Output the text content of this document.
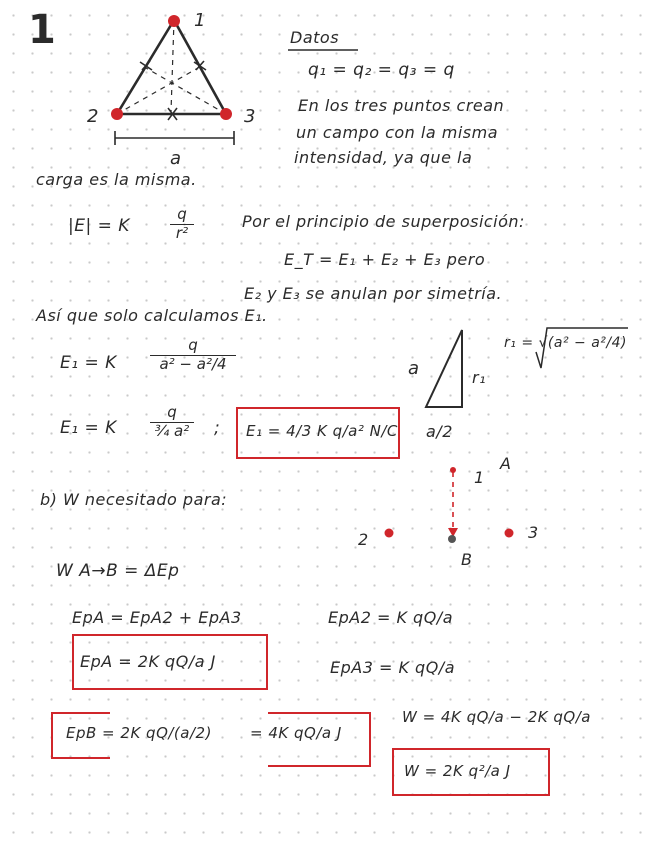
1	1
2	3
a
Datos
q₁ = q₂ = q₃ = q
En los tres puntos crean
un campo con la misma
intensidad, ya que la
carga es la misma.
|E| = K
q
r²
Por el principio de superposición:
E_T = E₁ + E₂ + E₃ pero
E₂ y E₃ se anulan por simetría.
Así que solo calculamos E₁.
E₁ = K
q
a² − a²/4
E₁ = K
q
¾ a² ; E₁ = 4/3 K q/a² N/C
a	r₁
a/2
r₁ = √(a² − a²/4)
b) W necesitado para:
1
A
2	3
B
W A→B = ΔEp
EpA = EpA2 + EpA3	EpA2 = K qQ/a
EpA = 2K qQ/a J	EpA3 = K qQ/a
EpB = 2K qQ/(a/2)	= 4K qQ/a J
W = 4K qQ/a − 2K qQ/a
W = 2K q²/a J
